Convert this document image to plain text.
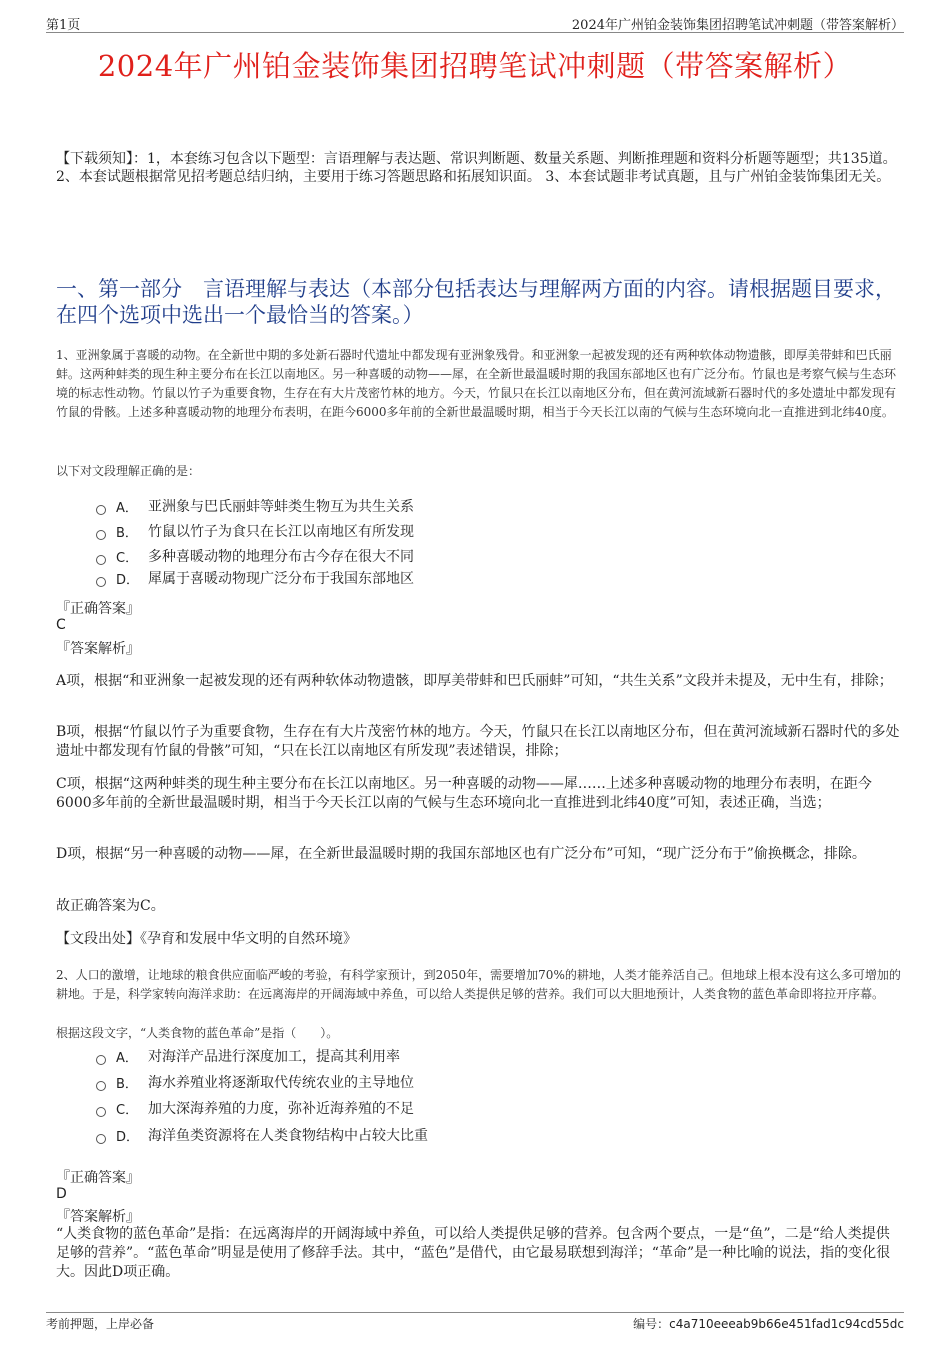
第1页	2024年广州铂金装饰集团招聘笔试冲刺题（带答案解析）
2024年广州铂金装饰集团招聘笔试冲刺题（带答案解析）
【下载须知】：1，本套练习包含以下题型：言语理解与表达题、常识判断题、数量关系题、判断推理题和资料分析题等题型；共135道。 2、本套试题根据常见招考题总结归纳，主要用于练习答题思路和拓展知识面。 3、本套试题非考试真题，且与广州铂金装饰集团无关。
一、第一部分　言语理解与表达（本部分包括表达与理解两方面的内容。请根据题目要求，在四个选项中选出一个最恰当的答案。）
1、亚洲象属于喜暖的动物。在全新世中期的多处新石器时代遗址中都发现有亚洲象残骨。和亚洲象一起被发现的还有两种软体动物遗骸，即厚美带蚌和巴氏丽蚌。这两种蚌类的现生种主要分布在长江以南地区。另一种喜暖的动物——犀，在全新世最温暖时期的我国东部地区也有广泛分布。竹鼠也是考察气候与生态环境的标志性动物。竹鼠以竹子为重要食物，生存在有大片茂密竹林的地方。今天，竹鼠只在长江以南地区分布，但在黄河流域新石器时代的多处遗址中都发现有竹鼠的骨骸。上述多种喜暖动物的地理分布表明，在距今6000多年前的全新世最温暖时期，相当于今天长江以南的气候与生态环境向北一直推进到北纬40度。
以下对文段理解正确的是：
A． 亚洲象与巴氏丽蚌等蚌类生物互为共生关系
B． 竹鼠以竹子为食只在长江以南地区有所发现
C． 多种喜暖动物的地理分布古今存在很大不同
D． 犀属于喜暖动物现广泛分布于我国东部地区
『正确答案』
C
『答案解析』
A项，根据“和亚洲象一起被发现的还有两种软体动物遗骸，即厚美带蚌和巴氏丽蚌”可知，“共生关系”文段并未提及，无中生有，排除；
B项，根据“竹鼠以竹子为重要食物，生存在有大片茂密竹林的地方。今天，竹鼠只在长江以南地区分布，但在黄河流域新石器时代的多处遗址中都发现有竹鼠的骨骸”可知，“只在长江以南地区有所发现”表述错误，排除；
C项，根据“这两种蚌类的现生种主要分布在长江以南地区。另一种喜暖的动物——犀……上述多种喜暖动物的地理分布表明，在距今6000多年前的全新世最温暖时期，相当于今天长江以南的气候与生态环境向北一直推进到北纬40度”可知，表述正确，当选；
D项，根据“另一种喜暖的动物——犀，在全新世最温暖时期的我国东部地区也有广泛分布”可知，“现广泛分布于”偷换概念，排除。
故正确答案为C。
【文段出处】《孕育和发展中华文明的自然环境》
2、人口的激增，让地球的粮食供应面临严峻的考验，有科学家预计，到2050年，需要增加70%的耕地，人类才能养活自己。但地球上根本没有这么多可增加的耕地。于是，科学家转向海洋求助：在远离海岸的开阔海域中养鱼，可以给人类提供足够的营养。我们可以大胆地预计，人类食物的蓝色革命即将拉开序幕。
根据这段文字，“人类食物的蓝色革命”是指（　　）。
A． 对海洋产品进行深度加工，提高其利用率
B． 海水养殖业将逐渐取代传统农业的主导地位
C． 加大深海养殖的力度，弥补近海养殖的不足
D． 海洋鱼类资源将在人类食物结构中占较大比重
『正确答案』
D
『答案解析』
“人类食物的蓝色革命”是指：在远离海岸的开阔海域中养鱼，可以给人类提供足够的营养。包含两个要点，一是“鱼”，二是“给人类提供足够的营养”。“蓝色革命”明显是使用了修辞手法。其中，“蓝色”是借代，由它最易联想到海洋；“革命”是一种比喻的说法，指的变化很大。因此D项正确。
考前押题，上岸必备	编号：c4a710eeeab9b66e451fad1c94cd55dc
